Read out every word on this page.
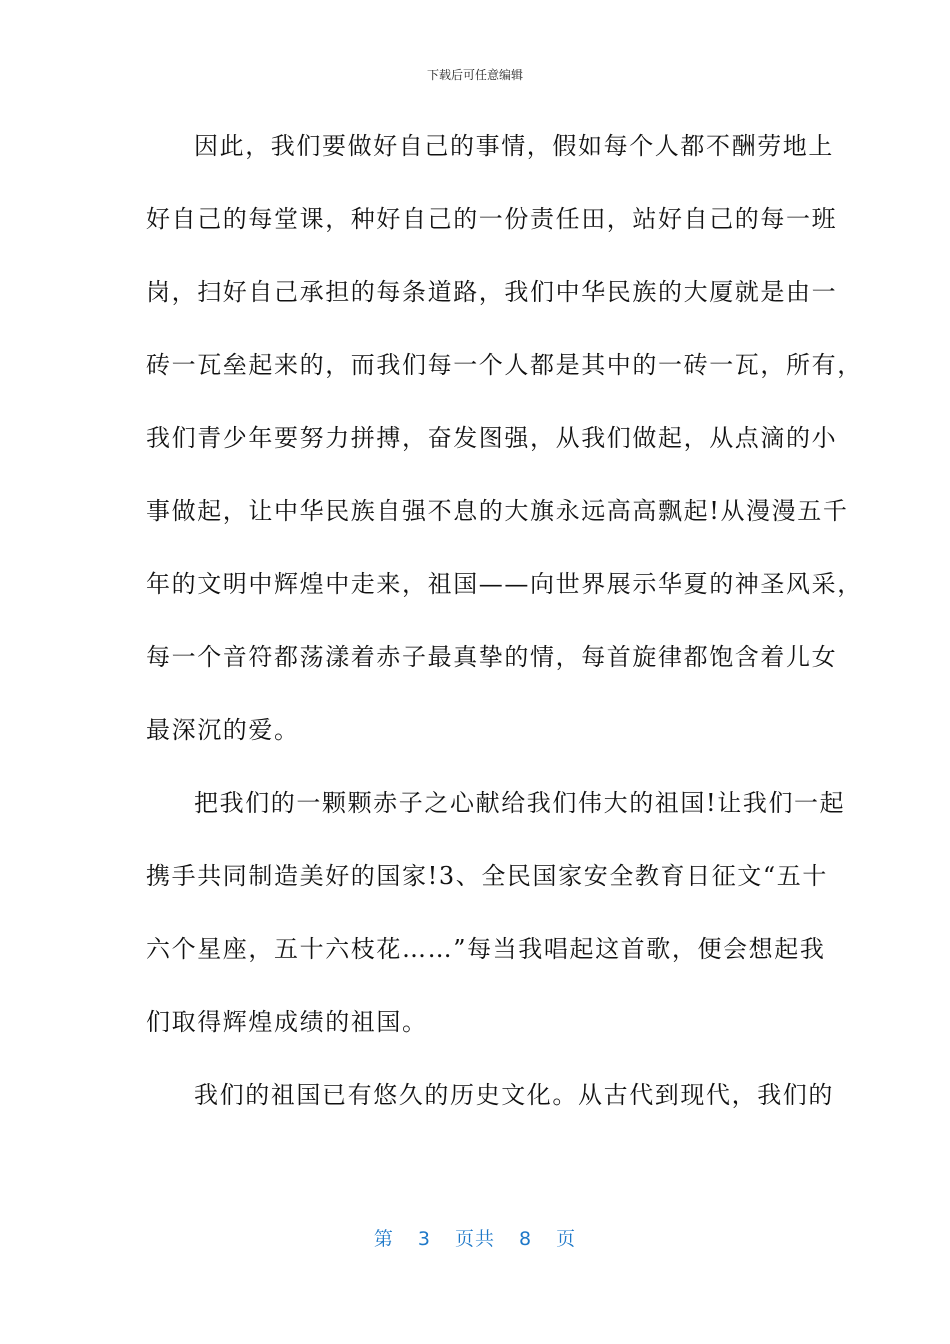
下载后可任意编辑
因此，我们要做好自己的事情，假如每个人都不酬劳地上
好自己的每堂课，种好自己的一份责任田，站好自己的每一班
岗，扫好自己承担的每条道路，我们中华民族的大厦就是由一
砖一瓦垒起来的，而我们每一个人都是其中的一砖一瓦，所有，
我们青少年要努力拼搏，奋发图强，从我们做起，从点滴的小
事做起，让中华民族自强不息的大旗永远高高飘起!从漫漫五千
年的文明中辉煌中走来，祖国——向世界展示华夏的神圣风采，
每一个音符都荡漾着赤子最真挚的情，每首旋律都饱含着儿女
最深沉的爱。
把我们的一颗颗赤子之心献给我们伟大的祖国!让我们一起
携手共同制造美好的国家!3、全民国家安全教育日征文“五十
六个星座，五十六枝花……”每当我唱起这首歌，便会想起我
们取得辉煌成绩的祖国。
我们的祖国已有悠久的历史文化。从古代到现代，我们的
第 3 页共 8 页
